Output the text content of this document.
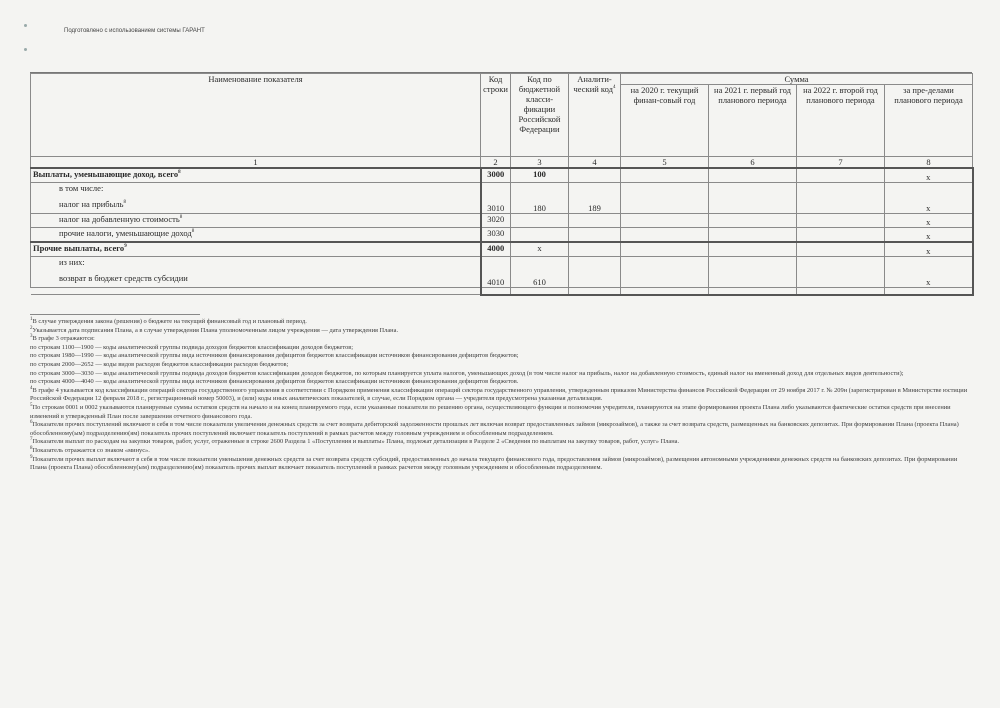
Подготовлено с использованием системы ГАРАНТ
Наименование показателя	Код строки	Код по бюджетной класси-фикации Российской Федерации	Аналити-ческий код$^4$	Сумма			
				на 2020 г. текущий финан-совый год	на 2021 г. первый год планового периода	на 2022 г. второй год планового периода	за пре-делами планового периода
1	2	3	4	5	6	7	8
Выплаты, уменьшающие доход, всего$^8$	3000	100					x

в том числе:
налог на прибыль$^8$	3010	180	189				x
налог на добавленную стоимость$^8$	3020						x
прочие налоги, уменьшающие доход$^8$	3030						x
Прочие выплаты, всего$^9$	4000	x					x

из них:
возврат в бюджет средств субсидии	4010	610					x

$^1$В случае утверждения закона (решения) о бюджете на текущий финансовый год и плановый период.

$^2$Указывается дата подписания Плана, а в случае утверждения Плана уполномоченным лицом учреждения — дата утверждения Плана.

$^3$В графе 3 отражаются:

по строкам 1100—1900 — коды аналитической группы подвида доходов бюджетов классификации доходов бюджетов;

по строкам 1980—1990 — коды аналитической группы вида источников финансирования дефицитов бюджетов классификации источников финансирования дефицитов бюджетов;

по строкам 2000—2652 — коды видов расходов бюджетов классификации расходов бюджетов;

по строкам 3000—3030 — коды аналитической группы подвида доходов бюджетов классификации доходов бюджетов, по которым планируется уплата налогов, уменьшающих доход (в том числе налог на прибыль, налог на добавленную стоимость, единый налог на вмененный доход для отдельных видов деятельности);

по строкам 4000—4040 — коды аналитической группы вида источников финансирования дефицитов бюджетов классификации источников финансирования дефицитов бюджетов.

$^4$В графе 4 указывается код классификации операций сектора государственного управления в соответствии с Порядком применения классификации операций сектора государственного управления, утвержденным приказом Министерства финансов Российской Федерации от 29 ноября 2017 г. № 209н (зарегистрирован в Министерстве юстиции Российской Федерации 12 февраля 2018 г., регистрационный номер 50003), и (или) коды иных аналитических показателей, в случае, если Порядком органа — учредителя предусмотрена указанная детализация.

$^5$По строкам 0001 и 0002 указываются планируемые суммы остатков средств на начало и на конец планируемого года, если указанные показатели по решению органа, осуществляющего функции и полномочия учредителя, планируются на этапе формирования проекта Плана либо указываются фактические остатки средств при внесении изменений в утвержденный План после завершения отчетного финансового года.

$^6$Показатели прочих поступлений включают в себя в том числе показатели увеличения денежных средств за счет возврата дебиторской задолженности прошлых лет включая возврат предоставленных займов (микрозаймов), а также за счет возврата средств, размещенных на банковских депозитах. При формировании Плана (проекта Плана) обособленному(ым) подразделению(ям) показатель прочих поступлений включает показатель поступлений в рамках расчетов между головным учреждением и обособленным подразделением.

$^7$Показатели выплат по расходам на закупки товаров, работ, услуг, отраженные в строке 2600 Раздела 1 «Поступления и выплаты» Плана, подлежат детализации в Разделе 2 «Сведения по выплатам на закупку товаров, работ, услуг» Плана.

$^8$Показатель отражается со знаком «минус».

$^9$Показатели прочих выплат включают в себя в том числе показатели уменьшения денежных средств за счет возврата средств субсидий, предоставленных до начала текущего финансового года, предоставления займов (микрозаймов), размещения автономными учреждениями денежных средств на банковских депозитах. При формировании Плана (проекта Плана) обособленному(ым) подразделению(ям) показатель прочих выплат включает показатель поступлений в рамках расчетов между головным учреждением и обособленным подразделением.
